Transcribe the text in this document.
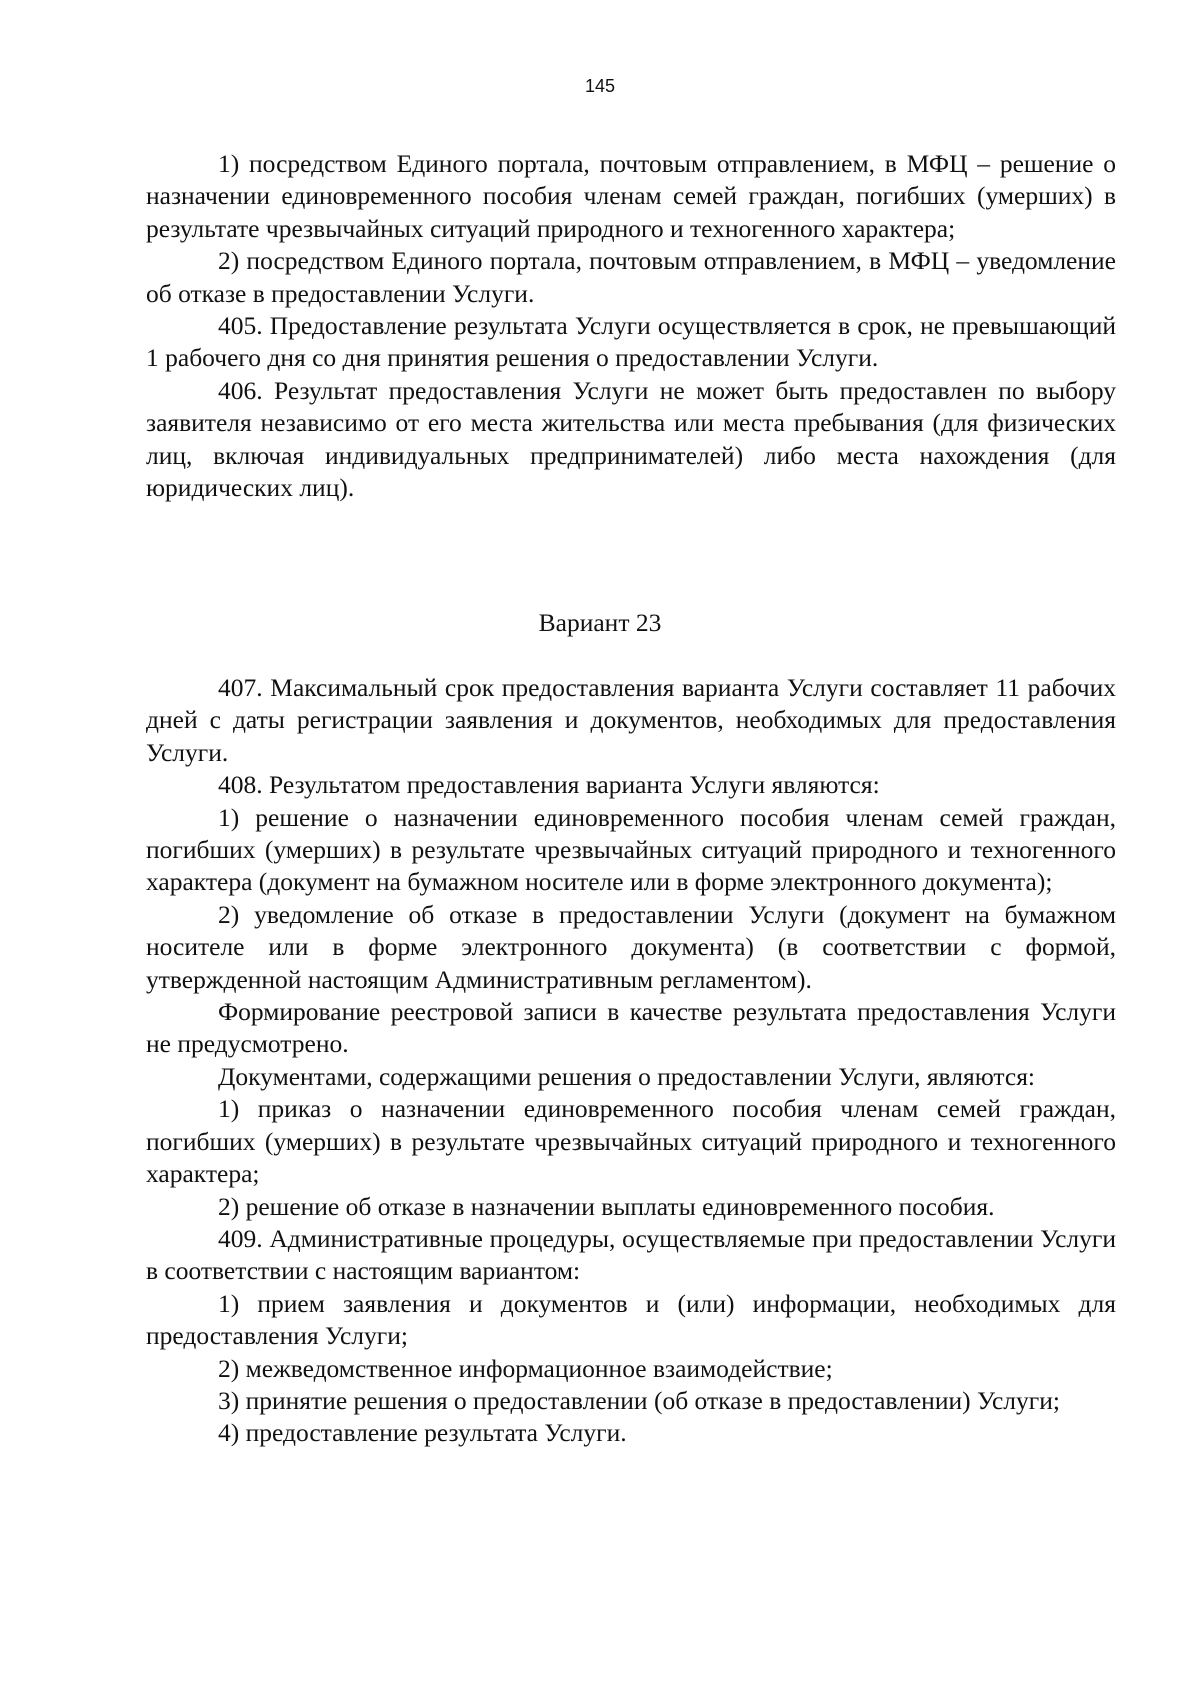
145

1) посредством Единого портала, почтовым отправлением, в МФЦ – решение о назначении единовременного пособия членам семей граждан, погибших (умерших) в результате чрезвычайных ситуаций природного и техногенного характера;

2) посредством Единого портала, почтовым отправлением, в МФЦ – уведомление об отказе в предоставлении Услуги.

405. Предоставление результата Услуги осуществляется в срок, не превышающий 1 рабочего дня со дня принятия решения о предоставлении Услуги.

406. Результат предоставления Услуги не может быть предоставлен по выбору заявителя независимо от его места жительства или места пребывания (для физических лиц, включая индивидуальных предпринимателей) либо места нахождения (для юридических лиц).

Вариант 23

407. Максимальный срок предоставления варианта Услуги составляет 11 рабочих дней с даты регистрации заявления и документов, необходимых для предоставления Услуги.

408. Результатом предоставления варианта Услуги являются:

1) решение о назначении единовременного пособия членам семей граждан, погибших (умерших) в результате чрезвычайных ситуаций природного и техногенного характера (документ на бумажном носителе или в форме электронного документа);

2) уведомление об отказе в предоставлении Услуги (документ на бумажном носителе или в форме электронного документа) (в соответствии с формой, утвержденной настоящим Административным регламентом).

Формирование реестровой записи в качестве результата предоставления Услуги не предусмотрено.

Документами, содержащими решения о предоставлении Услуги, являются:

1) приказ о назначении единовременного пособия членам семей граждан, погибших (умерших) в результате чрезвычайных ситуаций природного и техногенного характера;

2) решение об отказе в назначении выплаты единовременного пособия.

409. Административные процедуры, осуществляемые при предоставлении Услуги в соответствии с настоящим вариантом:

1) прием заявления и документов и (или) информации, необходимых для предоставления Услуги;

2) межведомственное информационное взаимодействие;

3) принятие решения о предоставлении (об отказе в предоставлении) Услуги;

4) предоставление результата Услуги.
